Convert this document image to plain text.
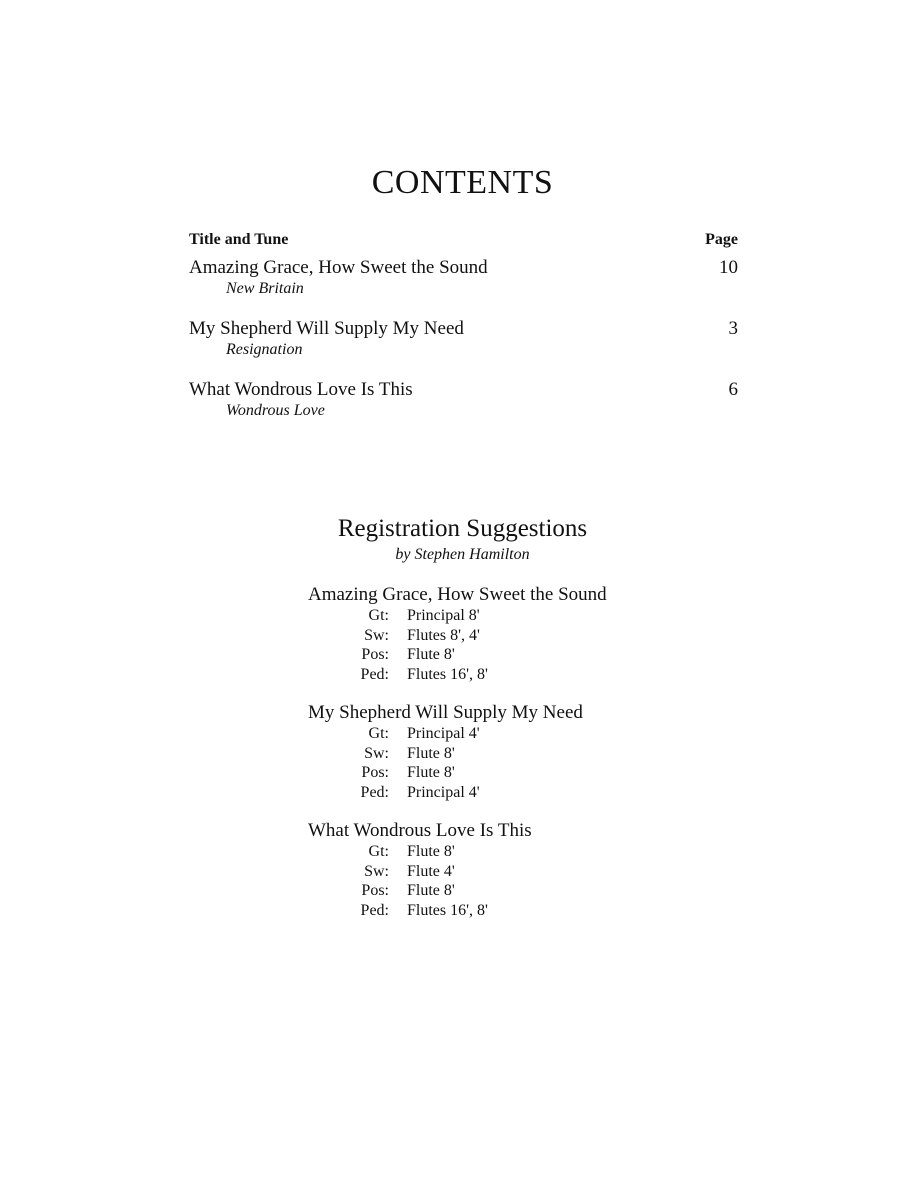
CONTENTS
Title and Tune	Page
Amazing Grace, How Sweet the Sound	10
New Britain
My Shepherd Will Supply My Need	3
Resignation
What Wondrous Love Is This	6
Wondrous Love
Registration Suggestions
by Stephen Hamilton
Amazing Grace, How Sweet the Sound
Gt: Principal 8'
Sw: Flutes 8', 4'
Pos: Flute 8'
Ped: Flutes 16', 8'
My Shepherd Will Supply My Need
Gt: Principal 4'
Sw: Flute 8'
Pos: Flute 8'
Ped: Principal 4'
What Wondrous Love Is This
Gt: Flute 8'
Sw: Flute 4'
Pos: Flute 8'
Ped: Flutes 16', 8'
